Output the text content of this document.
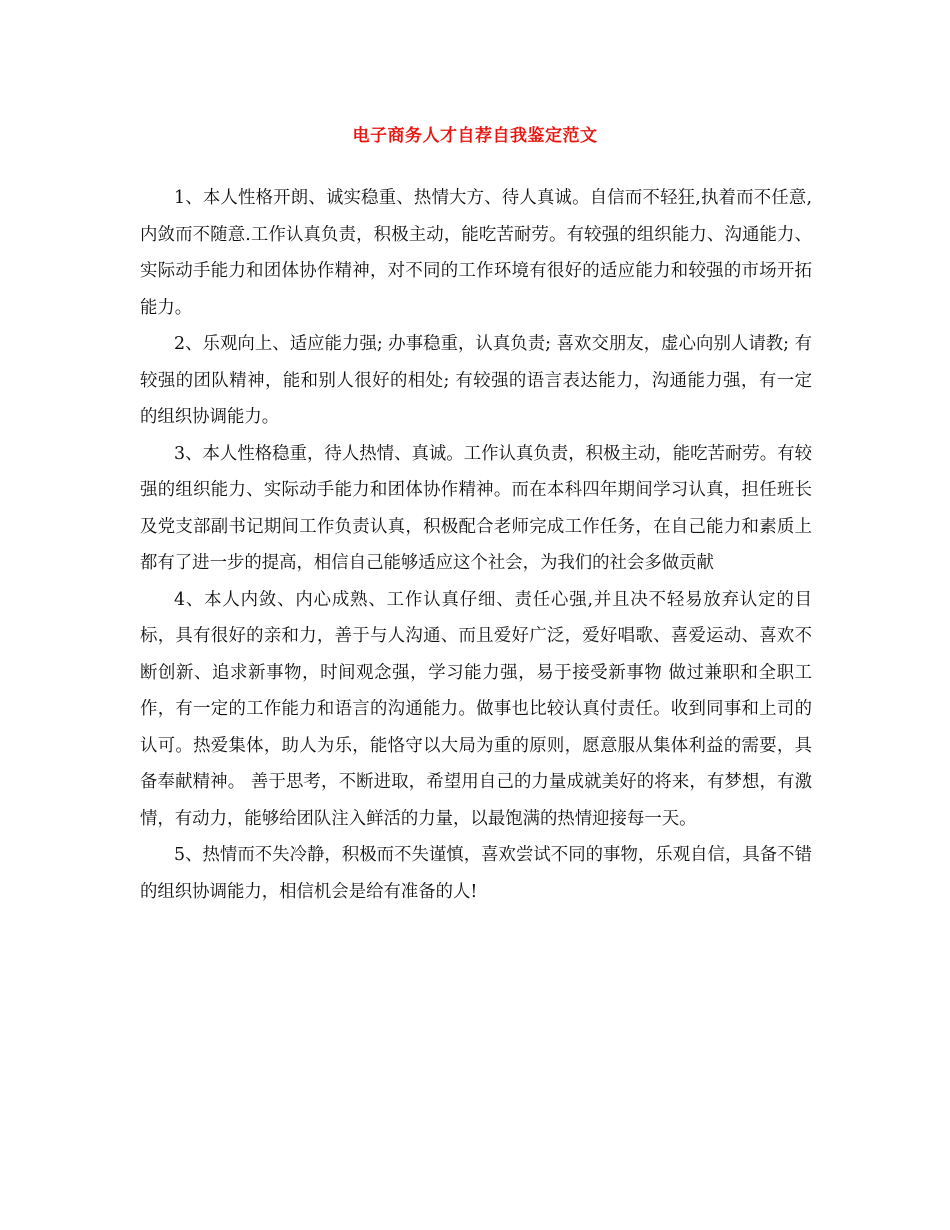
电子商务人才自荐自我鉴定范文

1、本人性格开朗、诚实稳重、热情大方、待人真诚。自信而不轻狂,执着而不任意,内敛而不随意.工作认真负责，积极主动，能吃苦耐劳。有较强的组织能力、沟通能力、实际动手能力和团体协作精神，对不同的工作环境有很好的适应能力和较强的市场开拓能力。

2、乐观向上、适应能力强; 办事稳重，认真负责; 喜欢交朋友，虚心向别人请教; 有较强的团队精神，能和别人很好的相处; 有较强的语言表达能力，沟通能力强，有一定的组织协调能力。

3、本人性格稳重，待人热情、真诚。工作认真负责，积极主动，能吃苦耐劳。有较强的组织能力、实际动手能力和团体协作精神。而在本科四年期间学习认真，担任班长及党支部副书记期间工作负责认真，积极配合老师完成工作任务，在自己能力和素质上都有了进一步的提高，相信自己能够适应这个社会，为我们的社会多做贡献

4、本人内敛、内心成熟、工作认真仔细、责任心强,并且决不轻易放弃认定的目标，具有很好的亲和力，善于与人沟通、而且爱好广泛，爱好唱歌、喜爱运动、喜欢不断创新、追求新事物，时间观念强，学习能力强，易于接受新事物 做过兼职和全职工作，有一定的工作能力和语言的沟通能力。做事也比较认真付责任。收到同事和上司的认可。热爱集体，助人为乐，能恪守以大局为重的原则，愿意服从集体利益的需要，具备奉献精神。 善于思考，不断进取，希望用自己的力量成就美好的将来，有梦想，有激情，有动力，能够给团队注入鲜活的力量，以最饱满的热情迎接每一天。

5、热情而不失冷静，积极而不失谨慎，喜欢尝试不同的事物，乐观自信，具备不错的组织协调能力，相信机会是给有准备的人!
